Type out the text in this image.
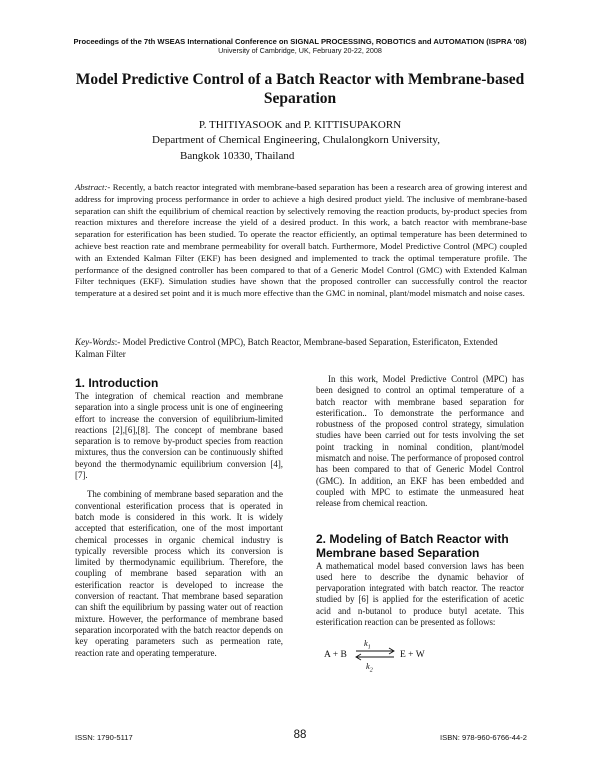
Proceedings of the 7th WSEAS International Conference on SIGNAL PROCESSING, ROBOTICS and AUTOMATION (ISPRA '08)
University of Cambridge, UK, February 20-22, 2008
Model Predictive Control of a Batch Reactor with Membrane-based Separation
P. THITIYASOOK and P. KITTISUPAKORN
Department of Chemical Engineering, Chulalongkorn University,
Bangkok 10330, Thailand
Abstract:- Recently, a batch reactor integrated with membrane-based separation has been a research area of growing interest and address for improving process performance in order to achieve a high desired product yield. The inclusive of membrane-based separation can shift the equilibrium of chemical reaction by selectively removing the reaction products, by-product species from reaction mixtures and therefore increase the yield of a desired product. In this work, a batch reactor with membrane-base separation for esterification has been studied. To operate the reactor efficiently, an optimal temperature has been determined to achieve best reaction rate and membrane permeability for overall batch. Furthermore, Model Predictive Control (MPC) coupled with an Extended Kalman Filter (EKF) has been designed and implemented to track the optimal temperature profile. The performance of the designed controller has been compared to that of a Generic Model Control (GMC) with Extended Kalman Filter techniques (EKF). Simulation studies have shown that the proposed controller can successfully control the reactor temperature at a desired set point and it is much more effective than the GMC in nominal, plant/model mismatch and noise cases.
Key-Words:- Model Predictive Control (MPC), Batch Reactor, Membrane-based Separation, Esterificaton, Extended Kalman Filter
1. Introduction

The integration of chemical reaction and membrane separation into a single process unit is one of engineering effort to increase the conversion of equilibrium-limited reactions [2],[6],[8]. The concept of membrane based separation is to remove by-product species from reaction mixtures, thus the conversion can be continuously shifted beyond the thermodynamic equilibrium conversion [4],[7].

The combining of membrane based separation and the conventional esterification process that is operated in batch mode is considered in this work. It is widely accepted that esterification, one of the most important chemical processes in organic chemical industry is typically reversible process which its conversion is limited by thermodynamic equilibrium. Therefore, the coupling of membrane based separation with an esterification reactor is developed to increase the conversion of reactant. That membrane based separation can shift the equilibrium by passing water out of reaction mixture. However, the performance of membrane based separation incorporated with the batch reactor depends on key operating parameters such as permeation rate, reaction rate and operating temperature.

In this work, Model Predictive Control (MPC) has been designed to control an optimal temperature of a batch reactor with membrane based separation for esterification.. To demonstrate the performance and robustness of the proposed control strategy, simulation studies have been carried out for tests involving the set point tracking in nominal condition, plant/model mismatch and noise. The performance of proposed control has been compared to that of Generic Model Control (GMC). In addition, an EKF has been embedded and coupled with MPC to estimate the unmeasured heat release from chemical reaction.

2. Modeling of Batch Reactor with Membrane based Separation

A mathematical model based conversion laws has been used here to describe the dynamic behavior of pervaporation integrated with batch reactor. The reactor studied by [6] is applied for the esterification of acetic acid and n-butanol to produce butyl acetate. This esterification reaction can be presented as follows:

A + B
$k_1$
$k_2$
E + W
ISSN: 1790-5117	88	ISBN: 978-960-6766-44-2
